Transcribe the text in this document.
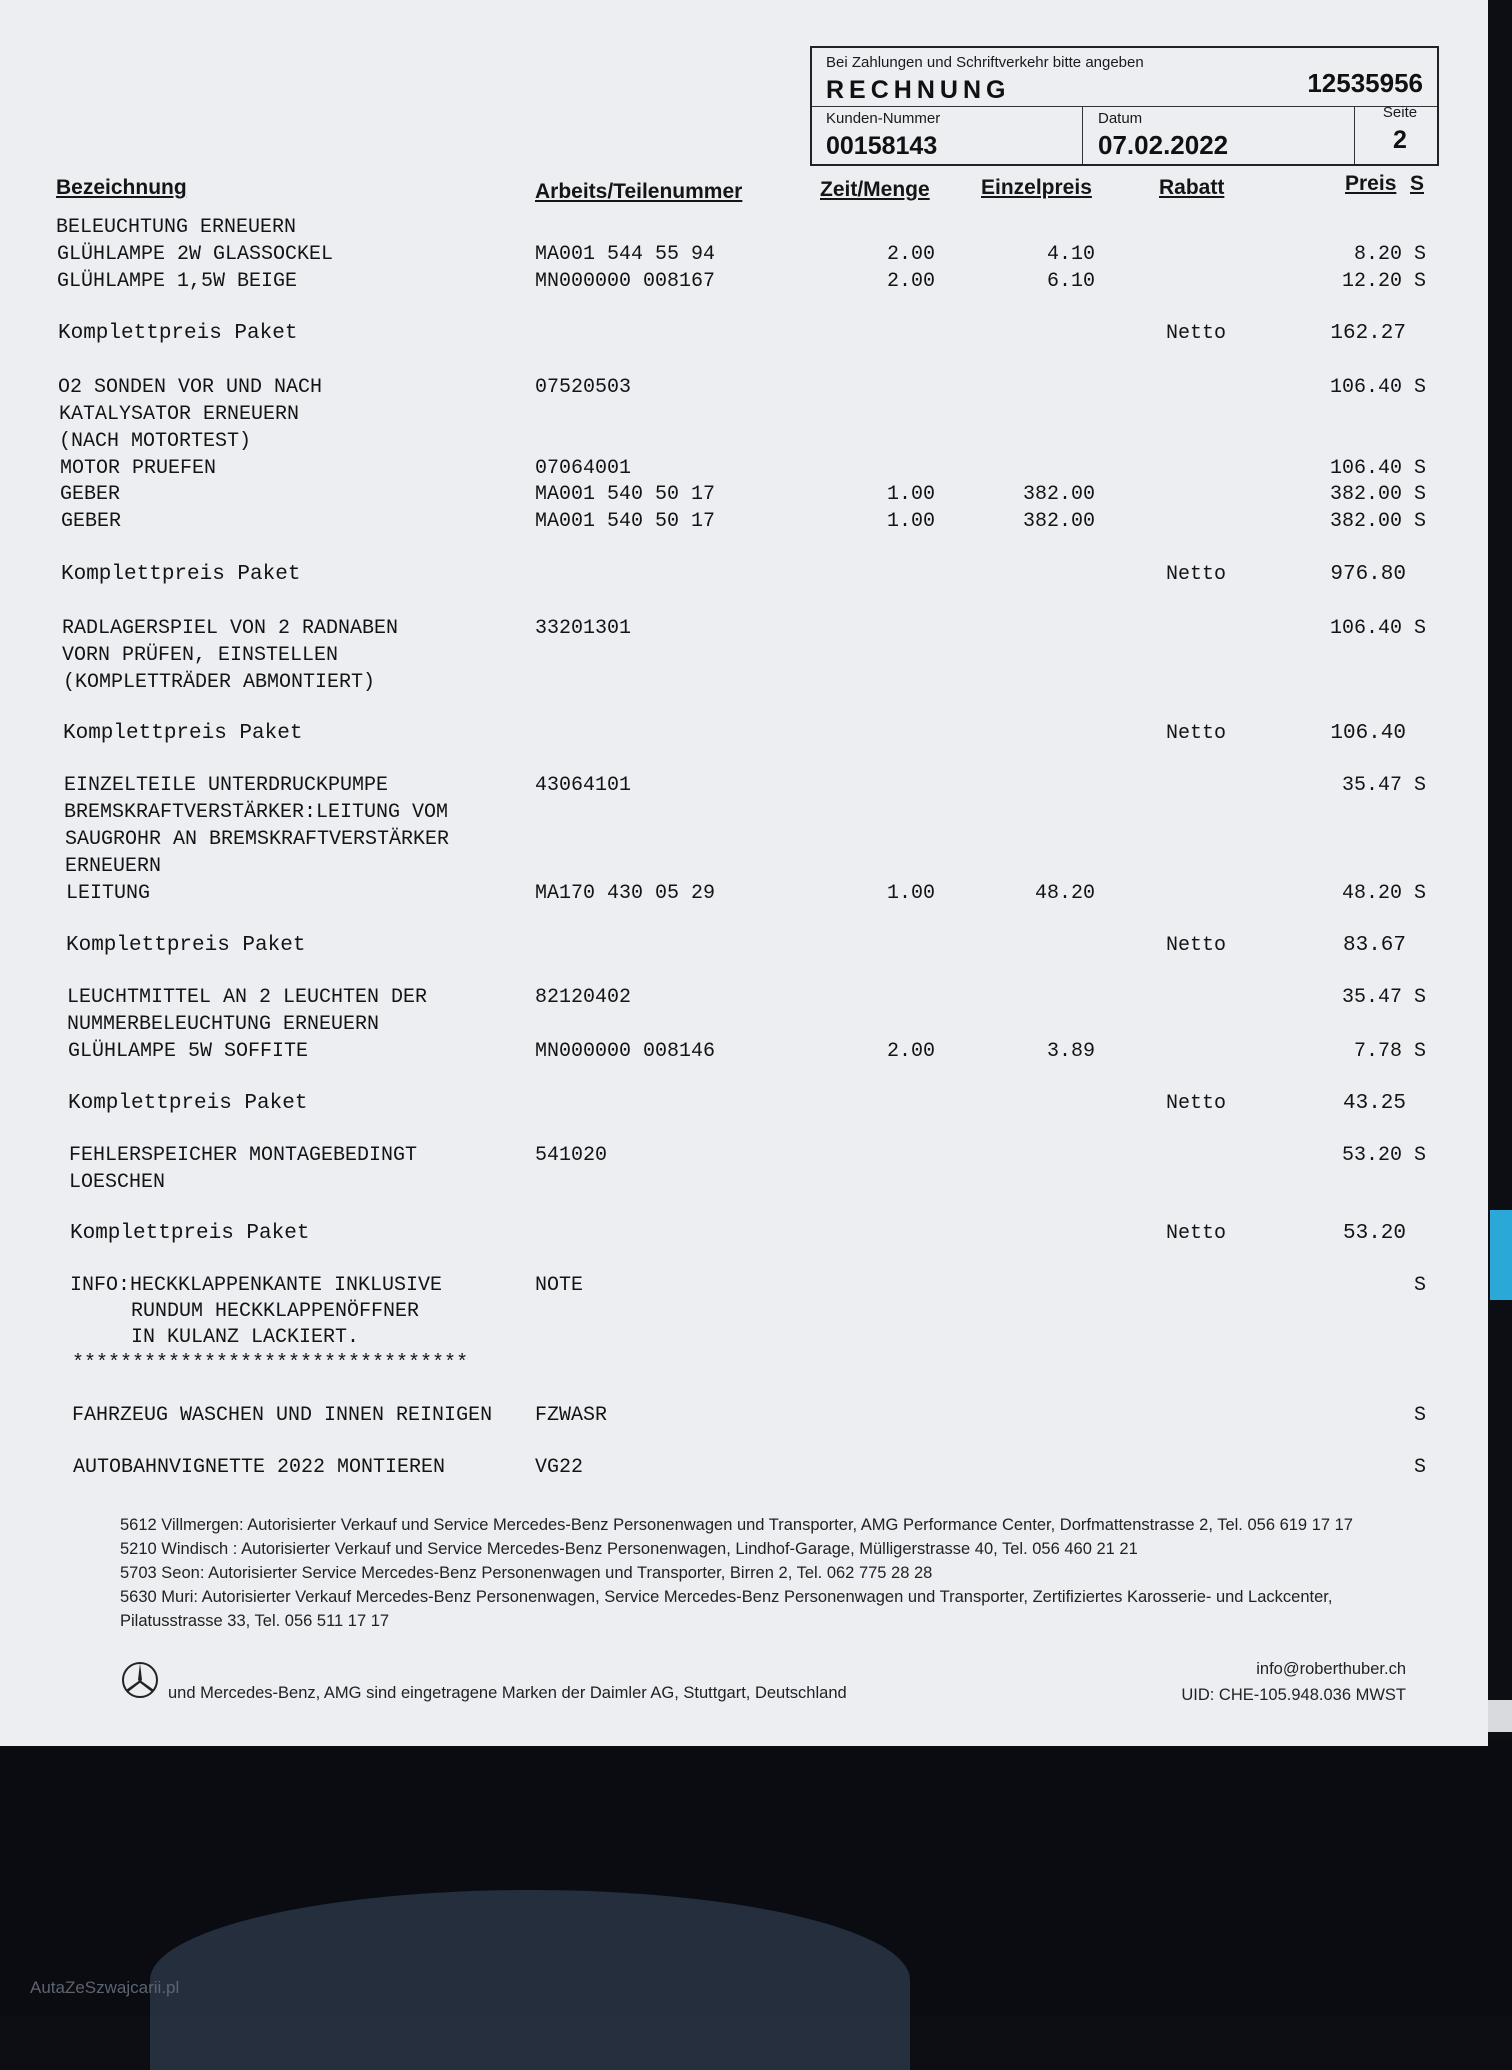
Bei Zahlungen und Schriftverkehr bitte angeben
RECHNUNG	12535956
Kunden-Nummer
00158143
Datum
07.02.2022
Seite
2
Bezeichnung	Arbeits/Teilenummer	Zeit/Menge Einzelpreis	Rabatt	Preis S
BELEUCHTUNG ERNEUERN
GLÜHLAMPE 2W GLASSOCKEL	MA001 544 55 94	2.00	4.10	8.20 S
GLÜHLAMPE 1,5W BEIGE	MN000000 008167	2.00	6.10	12.20 S
Komplettpreis Paket	Netto	162.27
O2 SONDEN VOR UND NACH	07520503	106.40 S
KATALYSATOR ERNEUERN
(NACH MOTORTEST)
MOTOR PRUEFEN	07064001	106.40 S
GEBER	MA001 540 50 17	1.00	382.00	382.00 S
GEBER	MA001 540 50 17	1.00	382.00	382.00 S
Komplettpreis Paket	Netto	976.80
RADLAGERSPIEL VON 2 RADNABEN	33201301	106.40 S
VORN PRÜFEN, EINSTELLEN
(KOMPLETTRÄDER ABMONTIERT)
Komplettpreis Paket	Netto	106.40
EINZELTEILE UNTERDRUCKPUMPE	43064101	35.47 S
BREMSKRAFTVERSTÄRKER:LEITUNG VOM
SAUGROHR AN BREMSKRAFTVERSTÄRKER
ERNEUERN
LEITUNG	MA170 430 05 29	1.00	48.20	48.20 S
Komplettpreis Paket	Netto	83.67
LEUCHTMITTEL AN 2 LEUCHTEN DER	82120402	35.47 S
NUMMERBELEUCHTUNG ERNEUERN
GLÜHLAMPE 5W SOFFITE	MN000000 008146	2.00	3.89	7.78 S
Komplettpreis Paket	Netto	43.25
FEHLERSPEICHER MONTAGEBEDINGT	541020	53.20 S
LOESCHEN
Komplettpreis Paket	Netto	53.20
INFO:HECKKLAPPENKANTE INKLUSIVE	NOTE	S
RUNDUM HECKKLAPPENÖFFNER
IN KULANZ LACKIERT.
*********************************
FAHRZEUG WASCHEN UND INNEN REINIGEN FZWASR	S
AUTOBAHNVIGNETTE 2022 MONTIEREN	VG22	S
5612 Villmergen: Autorisierter Verkauf und Service Mercedes-Benz Personenwagen und Transporter, AMG Performance Center, Dorfmattenstrasse 2, Tel. 056 619 17 17
5210 Windisch : Autorisierter Verkauf und Service Mercedes-Benz Personenwagen, Lindhof-Garage, Mülligerstrasse 40, Tel. 056 460 21 21
5703 Seon: Autorisierter Service Mercedes-Benz Personenwagen und Transporter, Birren 2, Tel. 062 775 28 28
5630 Muri: Autorisierter Verkauf Mercedes-Benz Personenwagen, Service Mercedes-Benz Personenwagen und Transporter, Zertifiziertes Karosserie- und Lackcenter,
Pilatusstrasse 33, Tel. 056 511 17 17
und Mercedes-Benz, AMG sind eingetragene Marken der Daimler AG, Stuttgart, Deutschland
info@roberthuber.ch
UID: CHE-105.948.036 MWST
AutaZeSzwajcarii.pl
